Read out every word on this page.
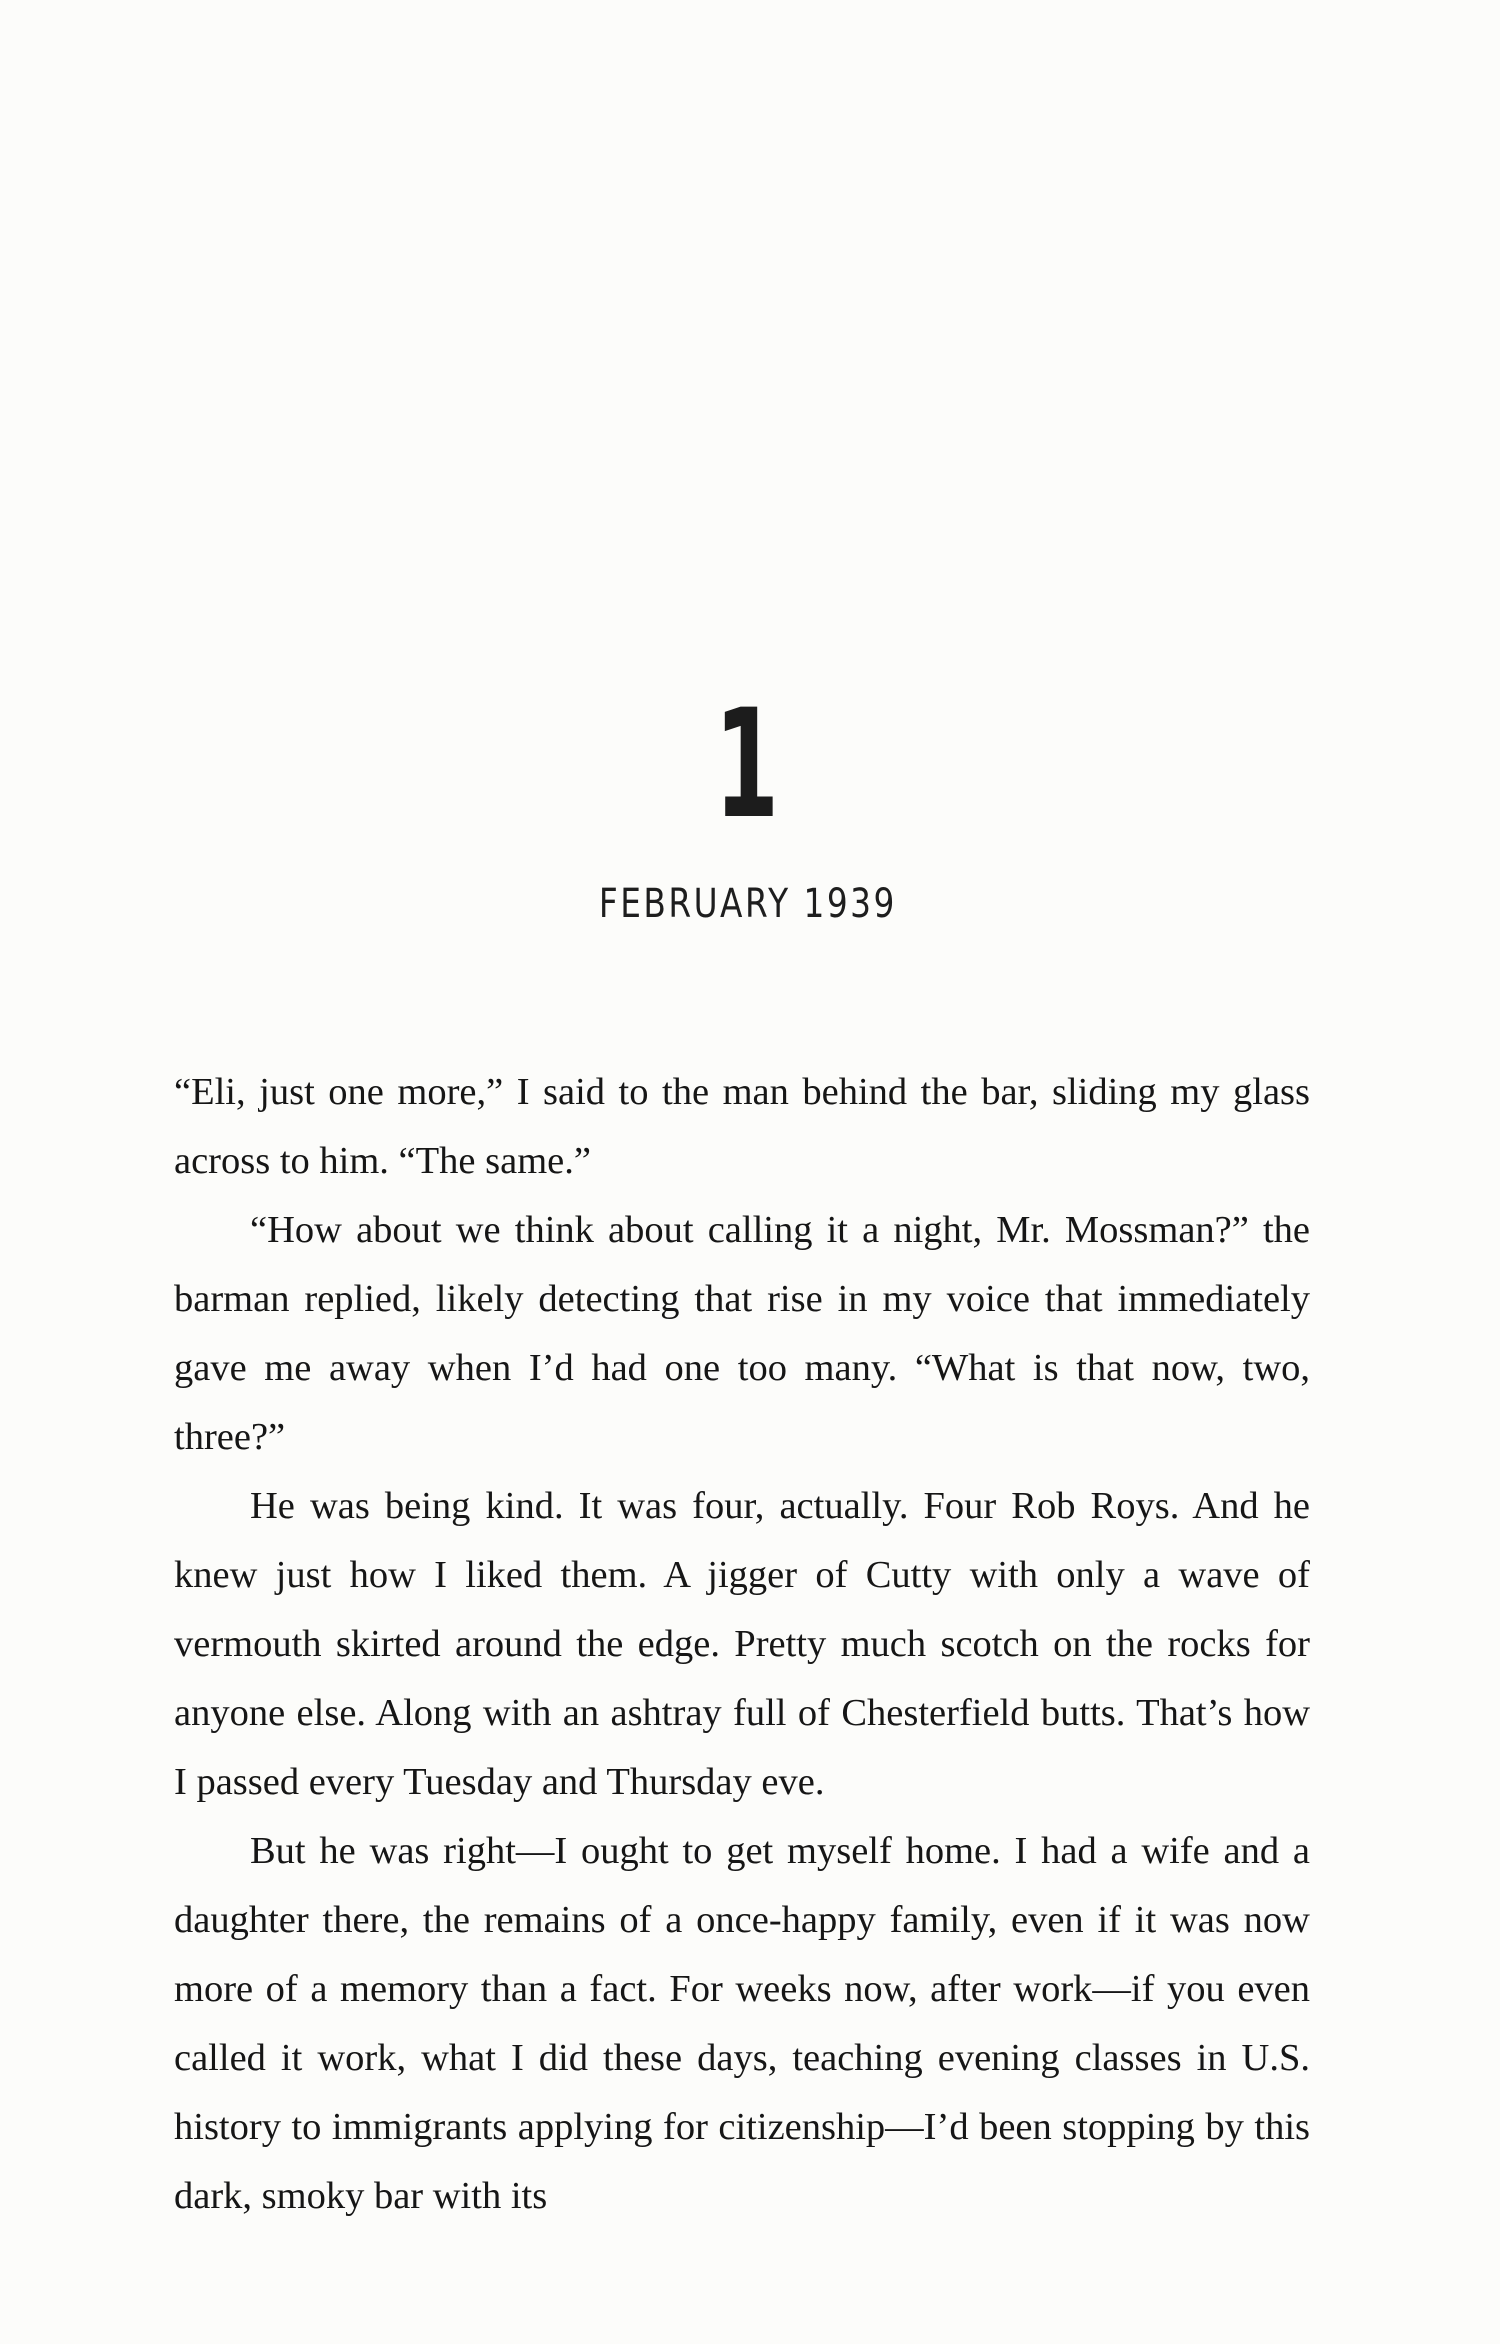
1
FEBRUARY 1939

“Eli, just one more,” I said to the man behind the bar, sliding my glass across to him. “The same.”

“How about we think about calling it a night, Mr. Mossman?” the barman replied, likely detecting that rise in my voice that immediately gave me away when I’d had one too many. “What is that now, two, three?”

He was being kind. It was four, actually. Four Rob Roys. And he knew just how I liked them. A jigger of Cutty with only a wave of vermouth skirted around the edge. Pretty much scotch on the rocks for anyone else. Along with an ashtray full of Chesterfield butts. That’s how I passed every Tuesday and Thursday eve.

But he was right—I ought to get myself home. I had a wife and a daughter there, the remains of a once-happy family, even if it was now more of a memory than a fact. For weeks now, after work—if you even called it work, what I did these days, teaching evening classes in U.S. history to immigrants applying for citizenship—I’d been stopping by this dark, smoky bar with its
